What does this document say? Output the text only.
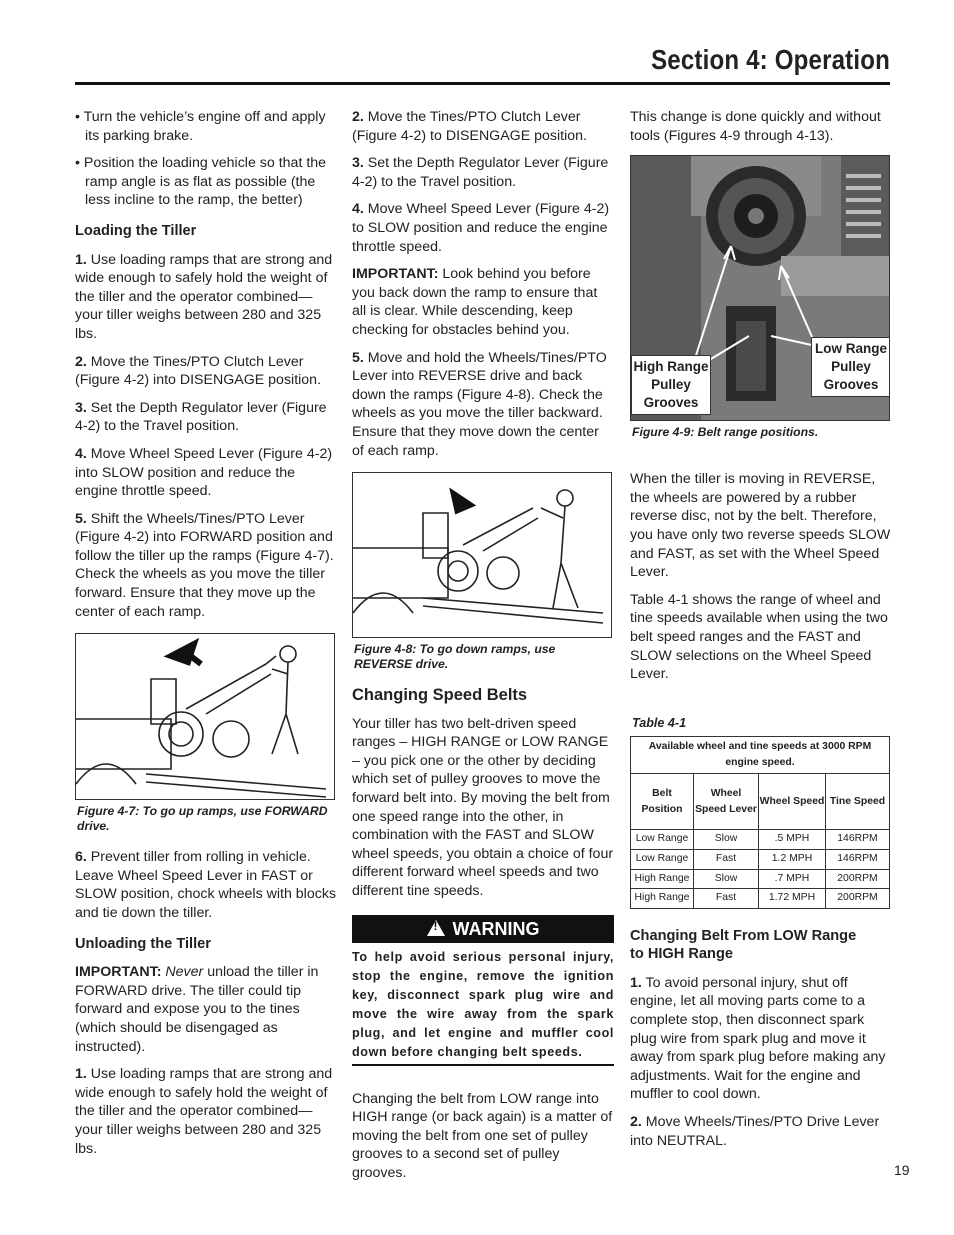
Section 4: Operation

• Turn the vehicle’s engine off and apply its parking brake.

• Position the loading vehicle so that the ramp angle is as flat as possible (the less incline to the ramp, the better)

Loading the Tiller

1. Use loading ramps that are strong and wide enough to safely hold the weight of the tiller and the operator combined—your tiller weighs between 280 and 325 lbs.

2. Move the Tines/PTO Clutch Lever (Figure 4-2) into DISENGAGE position.

3. Set the Depth Regulator lever (Figure 4-2) to the Travel position.

4. Move Wheel Speed Lever (Figure 4-2) into SLOW position and reduce the engine throttle speed.

5. Shift the Wheels/Tines/PTO Lever (Figure 4-2) into FORWARD position and follow the tiller up the ramps (Figure 4-7). Check the wheels as you move the tiller forward. Ensure that they move up the center of each ramp.

Figure 4-7: To go up ramps, use FORWARD drive.

6. Prevent tiller from rolling in vehicle. Leave Wheel Speed Lever in FAST or SLOW position, chock wheels with blocks and tie down the tiller.

Unloading the Tiller

IMPORTANT: Never unload the tiller in FORWARD drive. The tiller could tip forward and expose you to the tines (which should be disengaged as instructed).

1. Use loading ramps that are strong and wide enough to safely hold the weight of the tiller and the operator combined—your tiller weighs between 280 and 325 lbs.

2. Move the Tines/PTO Clutch Lever (Figure 4-2) to DISENGAGE position.

3. Set the Depth Regulator Lever (Figure 4-2) to the Travel position.

4. Move Wheel Speed Lever (Figure 4-2) to SLOW position and reduce the engine throttle speed.

IMPORTANT: Look behind you before you back down the ramp to ensure that all is clear. While descending, keep checking for obstacles behind you.

5. Move and hold the Wheels/Tines/PTO Lever into REVERSE drive and back down the ramps (Figure 4-8). Check the wheels as you move the tiller backward. Ensure that they move down the center of each ramp.

Figure 4-8: To go down ramps, use REVERSE drive.

Changing Speed Belts

Your tiller has two belt-driven speed ranges – HIGH RANGE or LOW RANGE – you pick one or the other by deciding which set of pulley grooves to move the forward belt into. By moving the belt from one speed range into the other, in combination with the FAST and SLOW wheel speeds, you obtain a choice of four different forward wheel speeds and two different tine speeds.

! WARNING
To help avoid serious personal injury, stop the engine, remove the ignition key, disconnect spark plug wire and move the wire away from the spark plug, and let engine and muffler cool down before changing belt speeds.

Changing the belt from LOW range into HIGH range (or back again) is a matter of moving the belt from one set of pulley grooves to a second set of pulley grooves.

This change is done quickly and without tools (Figures 4-9 through 4-13).

High Range Pulley Grooves
Low Range Pulley Grooves

Figure 4-9: Belt range positions.

When the tiller is moving in REVERSE, the wheels are powered by a rubber reverse disc, not by the belt. Therefore, you have only two reverse speeds SLOW and FAST, as set with the Wheel Speed Lever.

Table 4-1 shows the range of wheel and tine speeds available when using the two belt speed ranges and the FAST and SLOW selections on the Wheel Speed Lever.

Table 4-1

Available wheel and tine speeds at 3000 RPM engine speed.			
Belt Position	Wheel Speed Lever	Wheel Speed	Tine Speed
Low Range	Slow	.5 MPH	146RPM
Low Range	Fast	1.2 MPH	146RPM
High Range	Slow	.7 MPH	200RPM
High Range	Fast	1.72 MPH	200RPM

Changing Belt From LOW Range to HIGH Range

1. To avoid personal injury, shut off engine, let all moving parts come to a complete stop, then disconnect spark plug wire from spark plug and move it away from spark plug before making any adjustments. Wait for the engine and muffler to cool down.

2. Move Wheels/Tines/PTO Drive Lever into NEUTRAL.

19
